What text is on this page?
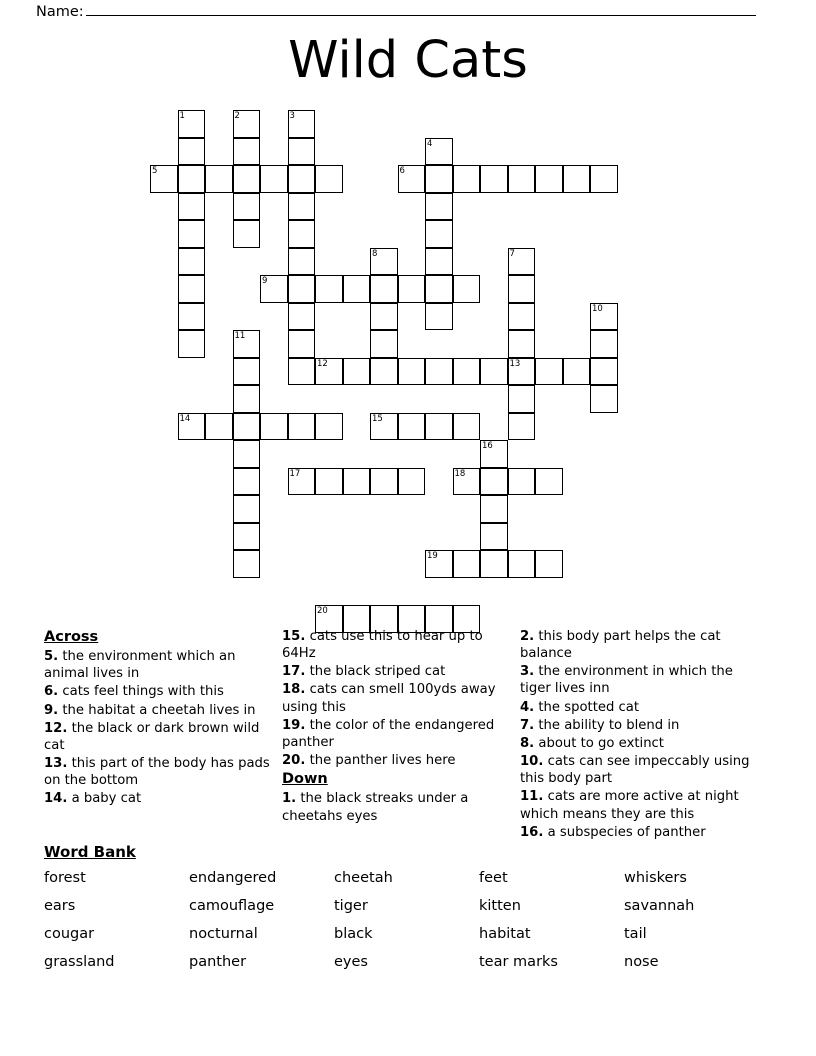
Name:
Wild Cats
1	2	3
4
5	6
7
8
9
10
11
12	13
14	15
16
17	18
19
20
Across

5. the environment which an animal lives in

6. cats feel things with this

9. the habitat a cheetah lives in

12. the black or dark brown wild cat

13. this part of the body has pads on the bottom

14. a baby cat

15. cats use this to hear up to 64Hz

17. the black striped cat

18. cats can smell 100yds away using this

19. the color of the endangered panther

20. the panther lives here

Down

1. the black streaks under a cheetahs eyes

2. this body part helps the cat balance

3. the environment in which the tiger lives inn

4. the spotted cat

7. the ability to blend in

8. about to go extinct

10. cats can see impeccably using this body part

11. cats are more active at night which means they are this

16. a subspecies of panther

Word Bank
forest	endangered	cheetah	feet	whiskers
ears	camouflage	tiger	kitten	savannah
cougar	nocturnal	black	habitat	tail
grassland	panther	eyes	tear marks	nose
